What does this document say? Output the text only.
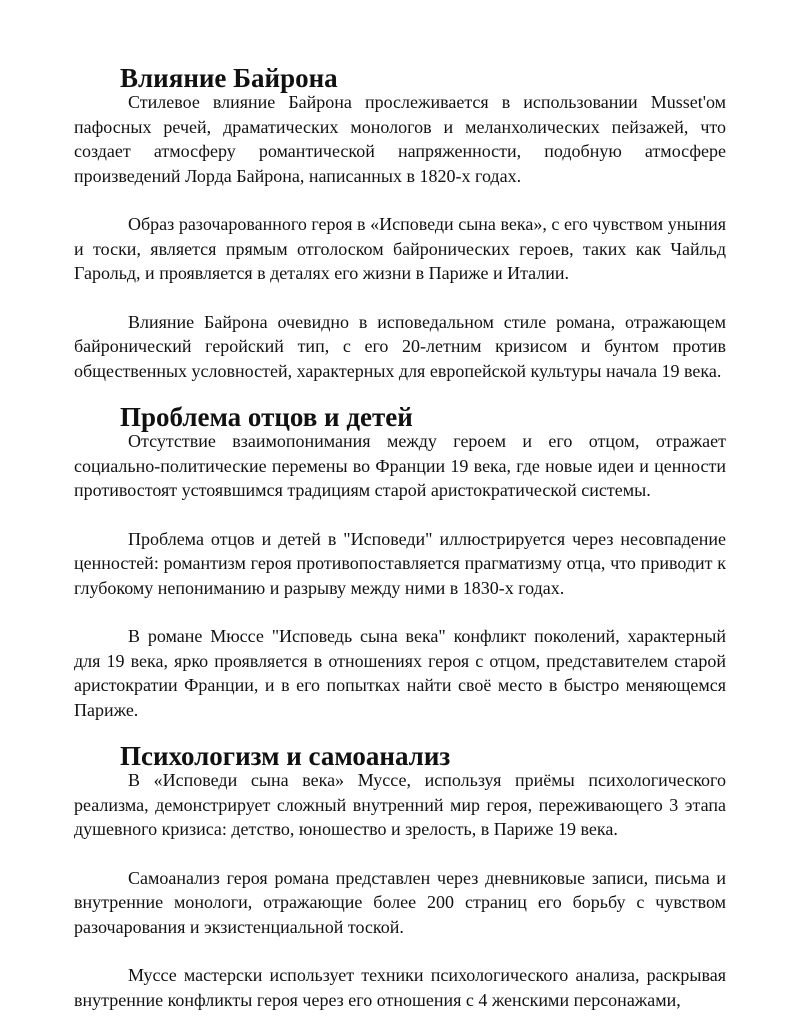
Влияние Байрона

Стилевое влияние Байрона прослеживается в использовании Musset'ом пафосных речей, драматических монологов и меланхолических пейзажей, что создает атмосферу романтической напряженности, подобную атмосфере произведений Лорда Байрона, написанных в 1820-х годах.

Образ разочарованного героя в «Исповеди сына века», с его чувством уныния и тоски, является прямым отголоском байронических героев, таких как Чайльд Гарольд, и проявляется в деталях его жизни в Париже и Италии.

Влияние Байрона очевидно в исповедальном стиле романа, отражающем байронический геройский тип, с его 20-летним кризисом и бунтом против общественных условностей, характерных для европейской культуры начала 19 века.

Проблема отцов и детей

Отсутствие взаимопонимания между героем и его отцом, отражает социально-политические перемены во Франции 19 века, где новые идеи и ценности противостоят устоявшимся традициям старой аристократической системы.

Проблема отцов и детей в "Исповеди" иллюстрируется через несовпадение ценностей: романтизм героя противопоставляется прагматизму отца, что приводит к глубокому непониманию и разрыву между ними в 1830-х годах.

В романе Мюссе "Исповедь сына века" конфликт поколений, характерный для 19 века, ярко проявляется в отношениях героя с отцом, представителем старой аристократии Франции, и в его попытках найти своё место в быстро меняющемся Париже.

Психологизм и самоанализ

В «Исповеди сына века» Муссе, используя приёмы психологического реализма, демонстрирует сложный внутренний мир героя, переживающего 3 этапа душевного кризиса: детство, юношество и зрелость, в Париже 19 века.

Самоанализ героя романа представлен через дневниковые записи, письма и внутренние монологи, отражающие более 200 страниц его борьбу с чувством разочарования и экзистенциальной тоской.

Муссе мастерски использует техники психологического анализа, раскрывая внутренние конфликты героя через его отношения с 4 женскими персонажами,
